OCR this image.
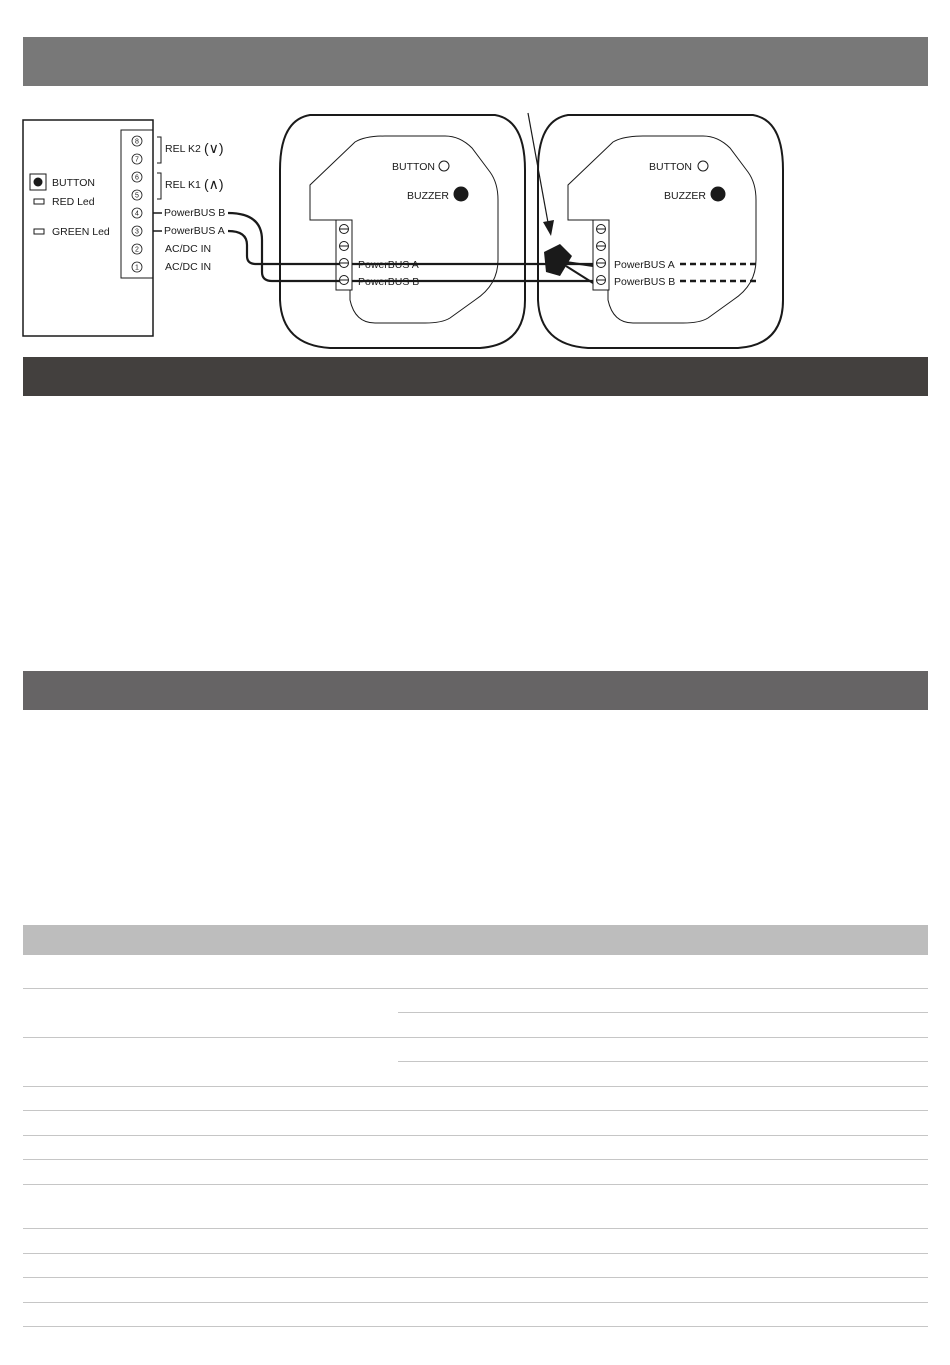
8
7
6
5
4
3
2
1
REL K2 (∨)
REL K1 (∧)
PowerBUS B
PowerBUS A
AC/DC IN
AC/DC IN
BUTTON
RED Led
GREEN Led
BUTTON
BUZZER
PowerBUS A
PowerBUS B
BUTTON
BUZZER
PowerBUS A
PowerBUS B
